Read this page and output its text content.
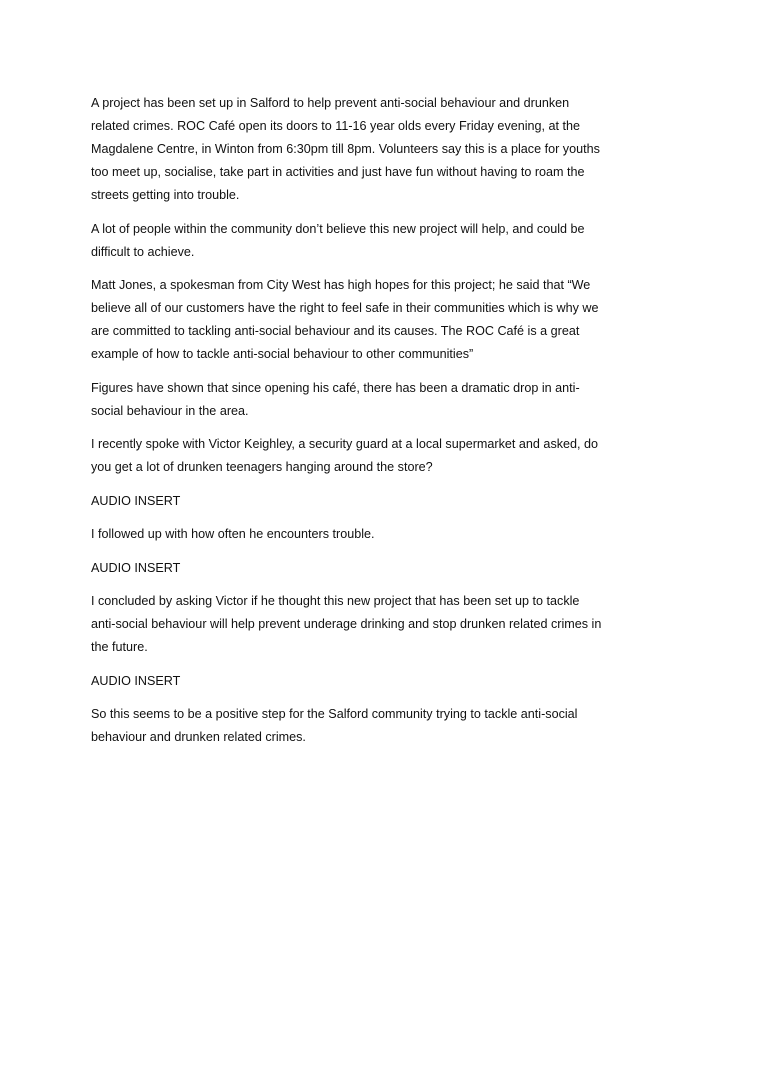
A project has been set up in Salford to help prevent anti-social behaviour and drunken
related crimes. ROC Café open its doors to 11-16 year olds every Friday evening, at the
Magdalene Centre, in Winton from 6:30pm till 8pm. Volunteers say this is a place for youths
too meet up, socialise, take part in activities and just have fun without having to roam the
streets getting into trouble.

A lot of people within the community don’t believe this new project will help, and could be
difficult to achieve.

Matt Jones, a spokesman from City West has high hopes for this project; he said that “We
believe all of our customers have the right to feel safe in their communities which is why we
are committed to tackling anti-social behaviour and its causes. The ROC Café is a great
example of how to tackle anti-social behaviour to other communities”

Figures have shown that since opening his café, there has been a dramatic drop in anti-
social behaviour in the area.

I recently spoke with Victor Keighley, a security guard at a local supermarket and asked, do
you get a lot of drunken teenagers hanging around the store?

AUDIO INSERT

I followed up with how often he encounters trouble.

AUDIO INSERT

I concluded by asking Victor if he thought this new project that has been set up to tackle
anti-social behaviour will help prevent underage drinking and stop drunken related crimes in
the future.

AUDIO INSERT

So this seems to be a positive step for the Salford community trying to tackle anti-social
behaviour and drunken related crimes.
